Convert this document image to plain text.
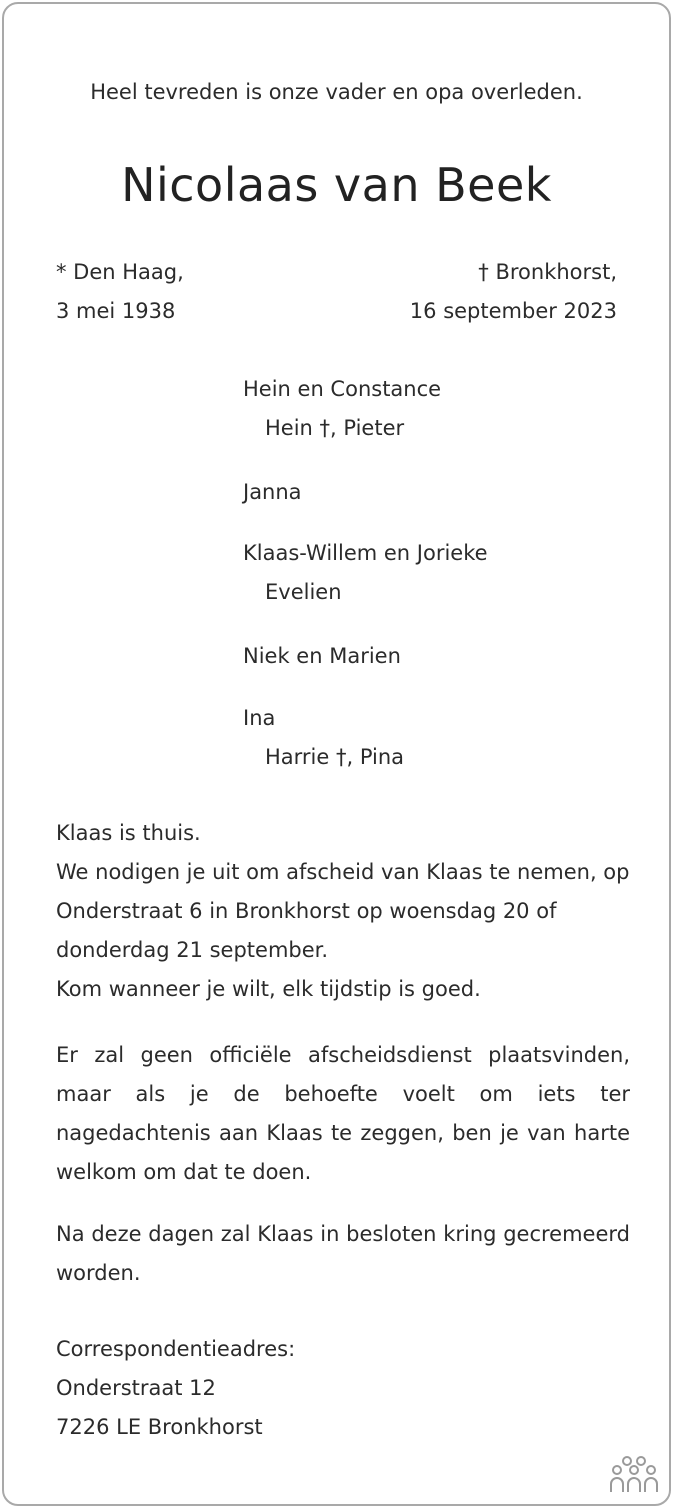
Heel tevreden is onze vader en opa overleden.
Nicolaas van Beek
* Den Haag,
3 mei 1938
† Bronkhorst,
16 september 2023
Hein en Constance
Hein †, Pieter
Janna
Klaas-Willem en Jorieke
Evelien
Niek en Marien
Ina
Harrie †, Pina
Klaas is thuis.
We nodigen je uit om afscheid van Klaas te nemen, op Onderstraat 6 in Bronkhorst op woensdag 20 of donderdag 21 september.
Kom wanneer je wilt, elk tijdstip is goed.
Er zal geen officiële afscheidsdienst plaatsvinden, maar als je de behoefte voelt om iets ter nagedachtenis aan Klaas te zeggen, ben je van harte welkom om dat te doen.
Na deze dagen zal Klaas in besloten kring gecremeerd worden.
Correspondentieadres:
Onderstraat 12
7226 LE Bronkhorst
